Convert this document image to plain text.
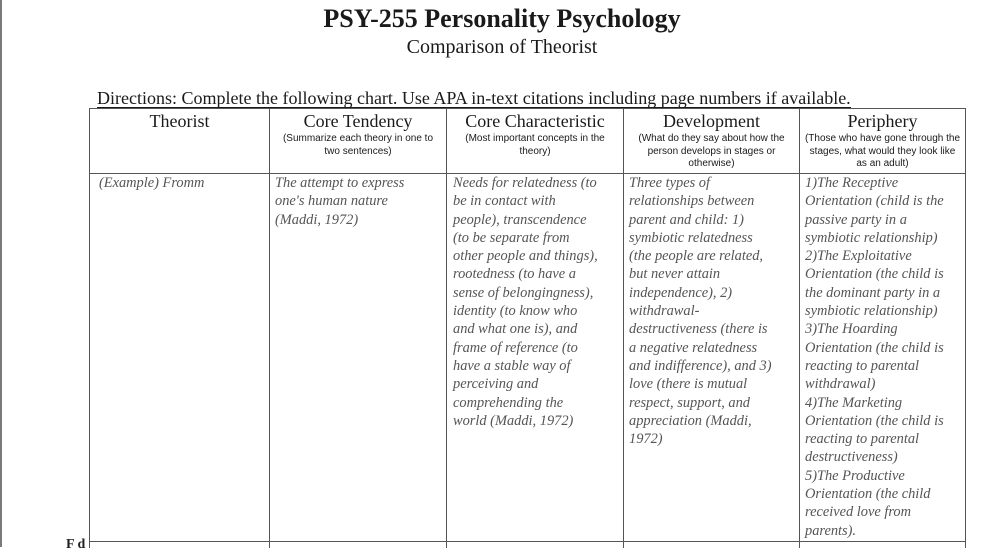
PSY-255 Personality Psychology
Comparison of Theorist
Directions: Complete the following chart. Use APA in-text citations including page numbers if available.
Theorist	Core Tendency
(Summarize each theory in one to two sentences)
Core Characteristic
(Most important concepts in the theory)
Development
(What do they say about how the person develops in stages or otherwise)
Periphery
(Those who have gone through the stages, what would they look like as an adult)
(Example) Fromm	The attempt to express
one's human nature
(Maddi, 1972)
Needs for relatedness (to
be in contact with
people), transcendence
(to be separate from
other people and things),
rootedness (to have a
sense of belongingness),
identity (to know who
and what one is), and
frame of reference (to
have a stable way of
perceiving and
comprehending the
world (Maddi, 1972)
Three types of
relationships between
parent and child: 1)
symbiotic relatedness
(the people are related,
but never attain
independence), 2)
withdrawal-
destructiveness (there is
a negative relatedness
and indifference), and 3)
love (there is mutual
respect, support, and
appreciation (Maddi,
1972)
1)The Receptive
Orientation (child is the
passive party in a
symbiotic relationship)
2)The Exploitative
Orientation (the child is
the dominant party in a
symbiotic relationship)
3)The Hoarding
Orientation (the child is
reacting to parental
withdrawal)
4)The Marketing
Orientation (the child is
reacting to parental
destructiveness)
5)The Productive
Orientation (the child
received love from
parents).
F d
